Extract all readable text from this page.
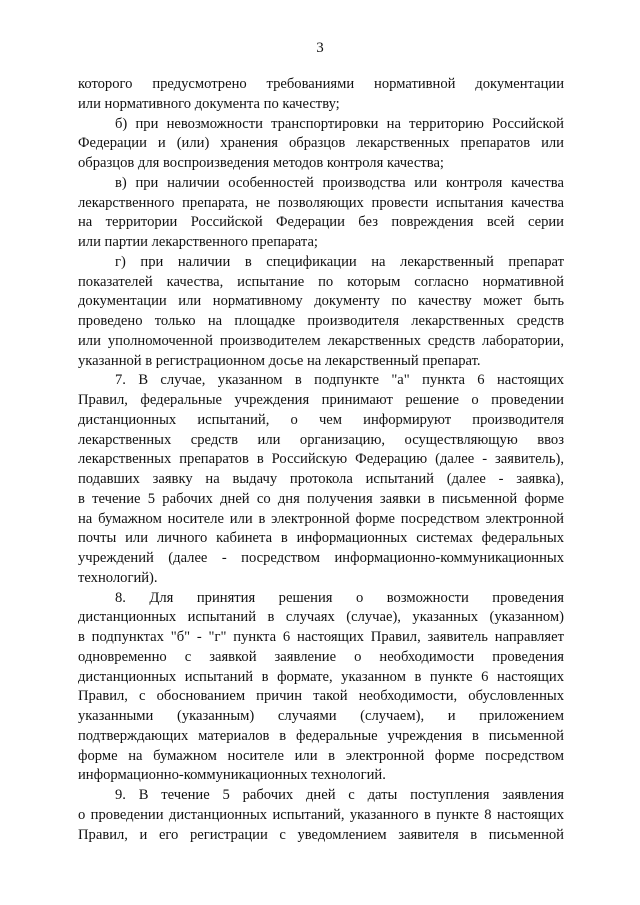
3
которого предусмотрено требованиями нормативной документации
или нормативного документа по качеству;
б) при невозможности транспортировки на территорию Российской
Федерации и (или) хранения образцов лекарственных препаратов или
образцов для воспроизведения методов контроля качества;
в) при наличии особенностей производства или контроля качества
лекарственного препарата, не позволяющих провести испытания качества
на территории Российской Федерации без повреждения всей серии
или партии лекарственного препарата;
г) при наличии в спецификации на лекарственный препарат
показателей качества, испытание по которым согласно нормативной
документации или нормативному документу по качеству может быть
проведено только на площадке производителя лекарственных средств
или уполномоченной производителем лекарственных средств лаборатории,
указанной в регистрационном досье на лекарственный препарат.
7. В случае, указанном в подпункте "а" пункта 6 настоящих
Правил, федеральные учреждения принимают решение о проведении
дистанционных испытаний, о чем информируют производителя
лекарственных средств или организацию, осуществляющую ввоз
лекарственных препаратов в Российскую Федерацию (далее - заявитель),
подавших заявку на выдачу протокола испытаний (далее - заявка),
в течение 5 рабочих дней со дня получения заявки в письменной форме
на бумажном носителе или в электронной форме посредством электронной
почты или личного кабинета в информационных системах федеральных
учреждений (далее - посредством информационно-коммуникационных
технологий).
8. Для принятия решения о возможности проведения
дистанционных испытаний в случаях (случае), указанных (указанном)
в подпунктах "б" - "г" пункта 6 настоящих Правил, заявитель направляет
одновременно с заявкой заявление о необходимости проведения
дистанционных испытаний в формате, указанном в пункте 6 настоящих
Правил, с обоснованием причин такой необходимости, обусловленных
указанными (указанным) случаями (случаем), и приложением
подтверждающих материалов в федеральные учреждения в письменной
форме на бумажном носителе или в электронной форме посредством
информационно-коммуникационных технологий.
9. В течение 5 рабочих дней с даты поступления заявления
о проведении дистанционных испытаний, указанного в пункте 8 настоящих
Правил, и его регистрации с уведомлением заявителя в письменной
